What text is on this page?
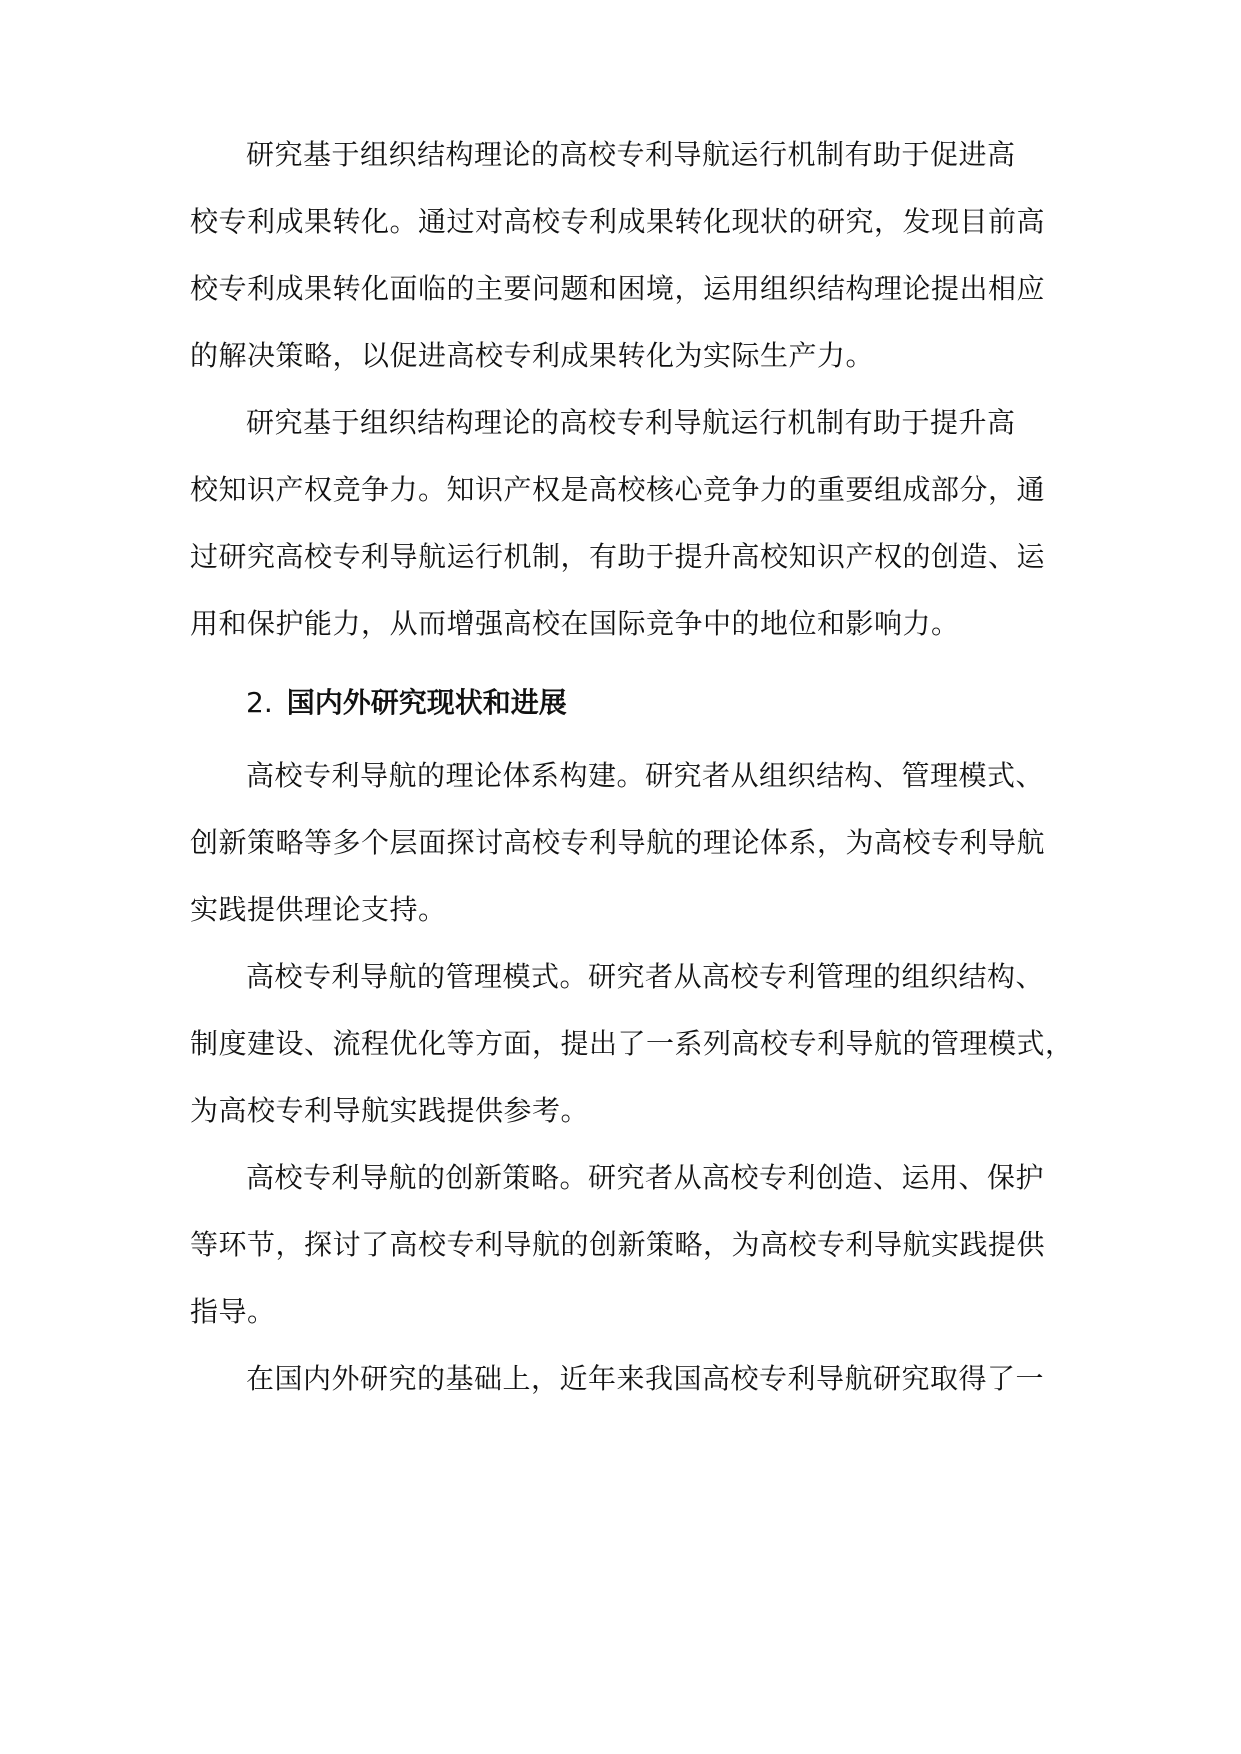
研究基于组织结构理论的高校专利导航运行机制有助于促进高
校专利成果转化。通过对高校专利成果转化现状的研究，发现目前高
校专利成果转化面临的主要问题和困境，运用组织结构理论提出相应
的解决策略，以促进高校专利成果转化为实际生产力。
研究基于组织结构理论的高校专利导航运行机制有助于提升高
校知识产权竞争力。知识产权是高校核心竞争力的重要组成部分，通
过研究高校专利导航运行机制，有助于提升高校知识产权的创造、运
用和保护能力，从而增强高校在国际竞争中的地位和影响力。
2. 国内外研究现状和进展
高校专利导航的理论体系构建。研究者从组织结构、管理模式、
创新策略等多个层面探讨高校专利导航的理论体系，为高校专利导航
实践提供理论支持。
高校专利导航的管理模式。研究者从高校专利管理的组织结构、
制度建设、流程优化等方面，提出了一系列高校专利导航的管理模式，
为高校专利导航实践提供参考。
高校专利导航的创新策略。研究者从高校专利创造、运用、保护
等环节，探讨了高校专利导航的创新策略，为高校专利导航实践提供
指导。
在国内外研究的基础上，近年来我国高校专利导航研究取得了一
